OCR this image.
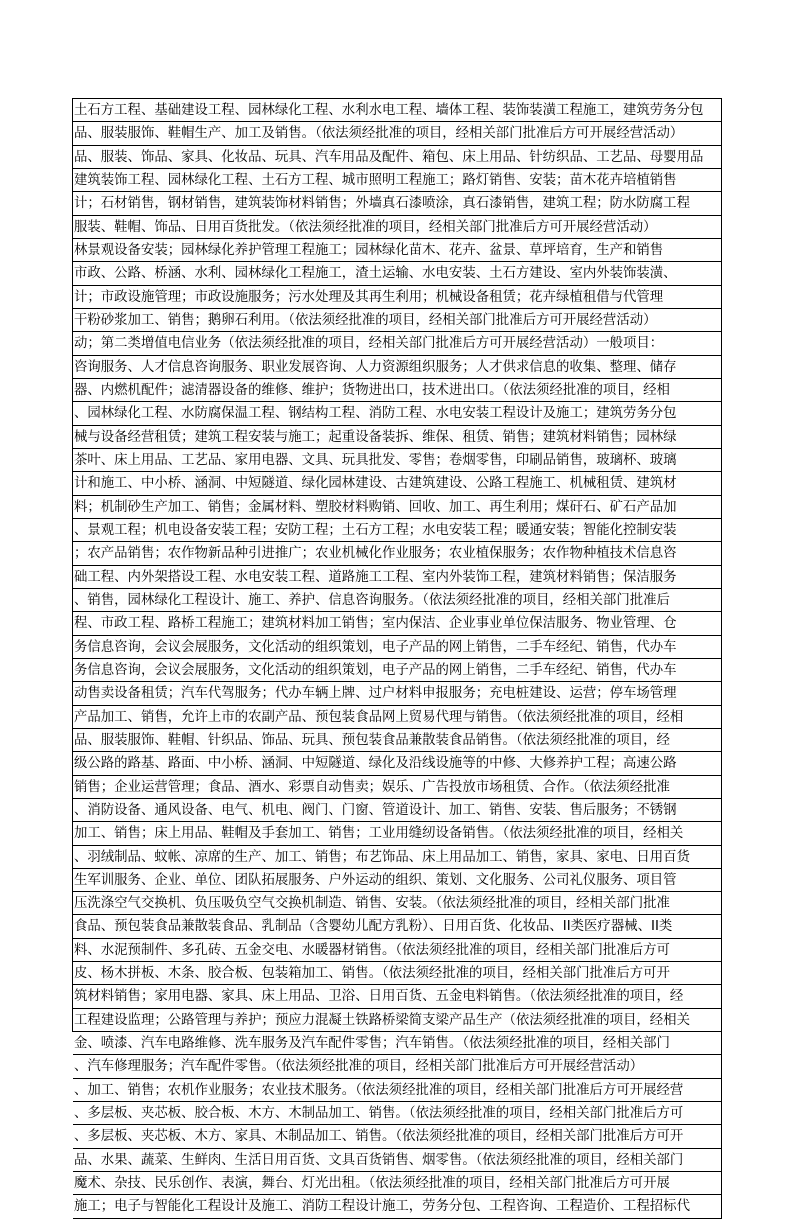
土石方工程、基础建设工程、园林绿化工程、水利水电工程、墙体工程、装饰装潢工程施工，建筑劳务分包
品、服装服饰、鞋帽生产、加工及销售。（依法须经批准的项目，经相关部门批准后方可开展经营活动）
品、服装、饰品、家具、化妆品、玩具、汽车用品及配件、箱包、床上用品、针纺织品、工艺品、母婴用品
建筑装饰工程、园林绿化工程、土石方工程、城市照明工程施工；路灯销售、安装；苗木花卉培植销售
计；石材销售，钢材销售，建筑装饰材料销售；外墙真石漆喷涂，真石漆销售，建筑工程；防水防腐工程
服装、鞋帽、饰品、日用百货批发。（依法须经批准的项目，经相关部门批准后方可开展经营活动）
林景观设备安装；园林绿化养护管理工程施工；园林绿化苗木、花卉、盆景、草坪培育，生产和销售
市政、公路、桥涵、水利、园林绿化工程施工，渣土运输、水电安装、土石方建设、室内外装饰装潢、
计；市政设施管理；市政设施服务；污水处理及其再生利用；机械设备租赁；花卉绿植租借与代管理
干粉砂浆加工、销售；鹅卵石利用。（依法须经批准的项目，经相关部门批准后方可开展经营活动）
动；第二类增值电信业务（依法须经批准的项目，经相关部门批准后方可开展经营活动）一般项目：
咨询服务、人才信息咨询服务、职业发展咨询、人力资源组织服务；人才供求信息的收集、整理、储存
器、内燃机配件；滤清器设备的维修、维护；货物进出口，技术进出口。（依法须经批准的项目，经相
、园林绿化工程、水防腐保温工程、钢结构工程、消防工程、水电安装工程设计及施工；建筑劳务分包
械与设备经营租赁；建筑工程安装与施工；起重设备装拆、维保、租赁、销售；建筑材料销售；园林绿
茶叶、床上用品、工艺品、家用电器、文具、玩具批发、零售；卷烟零售，印刷品销售，玻璃杯、玻璃
计和施工、中小桥、涵洞、中短隧道、绿化园林建设、古建筑建设、公路工程施工、机械租赁、建筑材
料；机制砂生产加工、销售；金属材料、塑胶材料购销、回收、加工、再生利用；煤矸石、矿石产品加
、景观工程；机电设备安装工程；安防工程；土石方工程；水电安装工程；暖通安装；智能化控制安装
；农产品销售；农作物新品种引进推广；农业机械化作业服务；农业植保服务；农作物种植技术信息咨
础工程、内外架搭设工程、水电安装工程、道路施工工程、室内外装饰工程，建筑材料销售；保洁服务
、销售，园林绿化工程设计、施工、养护、信息咨询服务。（依法须经批准的项目，经相关部门批准后
程、市政工程、路桥工程施工；建筑材料加工销售；室内保洁、企业事业单位保洁服务、物业管理、仓
务信息咨询，会议会展服务，文化活动的组织策划，电子产品的网上销售，二手车经纪、销售，代办车
务信息咨询，会议会展服务，文化活动的组织策划，电子产品的网上销售，二手车经纪、销售，代办车
动售卖设备租赁；汽车代驾服务；代办车辆上牌、过户材料申报服务；充电桩建设、运营；停车场管理
产品加工、销售，允许上市的农副产品、预包装食品网上贸易代理与销售。（依法须经批准的项目，经相
品、服装服饰、鞋帽、针织品、饰品、玩具、预包装食品兼散装食品销售。（依法须经批准的项目，经
级公路的路基、路面、中小桥、涵洞、中短隧道、绿化及沿线设施等的中修、大修养护工程；高速公路
销售；企业运营管理；食品、酒水、彩票自动售卖；娱乐、广告投放市场租赁、合作。（依法须经批准
、消防设备、通风设备、电气、机电、阀门、门窗、管道设计、加工、销售、安装、售后服务；不锈钢
加工、销售；床上用品、鞋帽及手套加工、销售；工业用缝纫设备销售。（依法须经批准的项目，经相关
、羽绒制品、蚊帐、凉席的生产、加工、销售；布艺饰品、床上用品加工、销售，家具、家电、日用百货
生军训服务、企业、单位、团队拓展服务、户外运动的组织、策划、文化服务、公司礼仪服务、项目管
压洗涤空气交换机、负压吸负空气交换机制造、销售、安装。（依法须经批准的项目，经相关部门批准
食品、预包装食品兼散装食品、乳制品（含婴幼儿配方乳粉）、日用百货、化妆品、II类医疗器械、II类
料、水泥预制件、多孔砖、五金交电、水暖器材销售。（依法须经批准的项目，经相关部门批准后方可
皮、杨木拼板、木条、胶合板、包装箱加工、销售。（依法须经批准的项目，经相关部门批准后方可开
筑材料销售；家用电器、家具、床上用品、卫浴、日用百货、五金电料销售。（依法须经批准的项目，经
工程建设监理；公路管理与养护；预应力混凝土铁路桥梁简支梁产品生产（依法须经批准的项目，经相关
金、喷漆、汽车电路维修、洗车服务及汽车配件零售；汽车销售。（依法须经批准的项目，经相关部门
、汽车修理服务；汽车配件零售。（依法须经批准的项目，经相关部门批准后方可开展经营活动）
、加工、销售；农机作业服务；农业技术服务。（依法须经批准的项目，经相关部门批准后方可开展经营
、多层板、夹芯板、胶合板、木方、木制品加工、销售。（依法须经批准的项目，经相关部门批准后方可
、多层板、夹芯板、木方、家具、木制品加工、销售。（依法须经批准的项目，经相关部门批准后方可开
品、水果、蔬菜、生鲜肉、生活日用百货、文具百货销售、烟零售。（依法须经批准的项目，经相关部门
魔术、杂技、民乐创作、表演，舞台、灯光出租。（依法须经批准的项目，经相关部门批准后方可开展
施工；电子与智能化工程设计及施工、消防工程设计施工，劳务分包、工程咨询、工程造价、工程招标代
